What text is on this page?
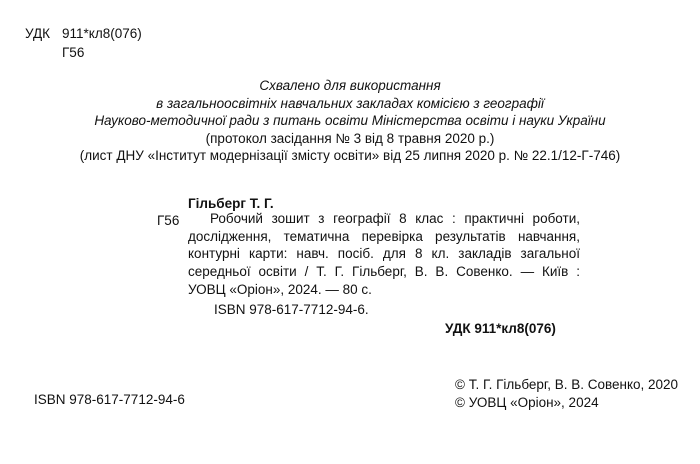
УДК 911*кл8(076)
Г56
Схвалено для використання
в загальноосвітніх навчальних закладах комісією з географії
Науково-методичної ради з питань освіти Міністерства освіти і науки України
(протокол засідання № 3 від 8 травня 2020 р.)
(лист ДНУ «Інститут модернізації змісту освіти» від 25 липня 2020 р. № 22.1/12-Г-746)
Гільберг Т. Г.
Г56	Робочий зошит з географії 8 клас : практичні роботи,
дослідження, тематична перевірка результатів навчання,
контурні карти: навч. посіб. для 8 кл. закладів загальної
середньої освіти / Т. Г. Гільберг, В. В. Совенко. — Київ :
УОВЦ «Оріон», 2024. — 80 с.
ISBN 978-617-7712-94-6.
УДК 911*кл8(076)
ISBN 978-617-7712-94-6
© Т. Г. Гільберг, В. В. Совенко, 2020
© УОВЦ «Оріон», 2024
